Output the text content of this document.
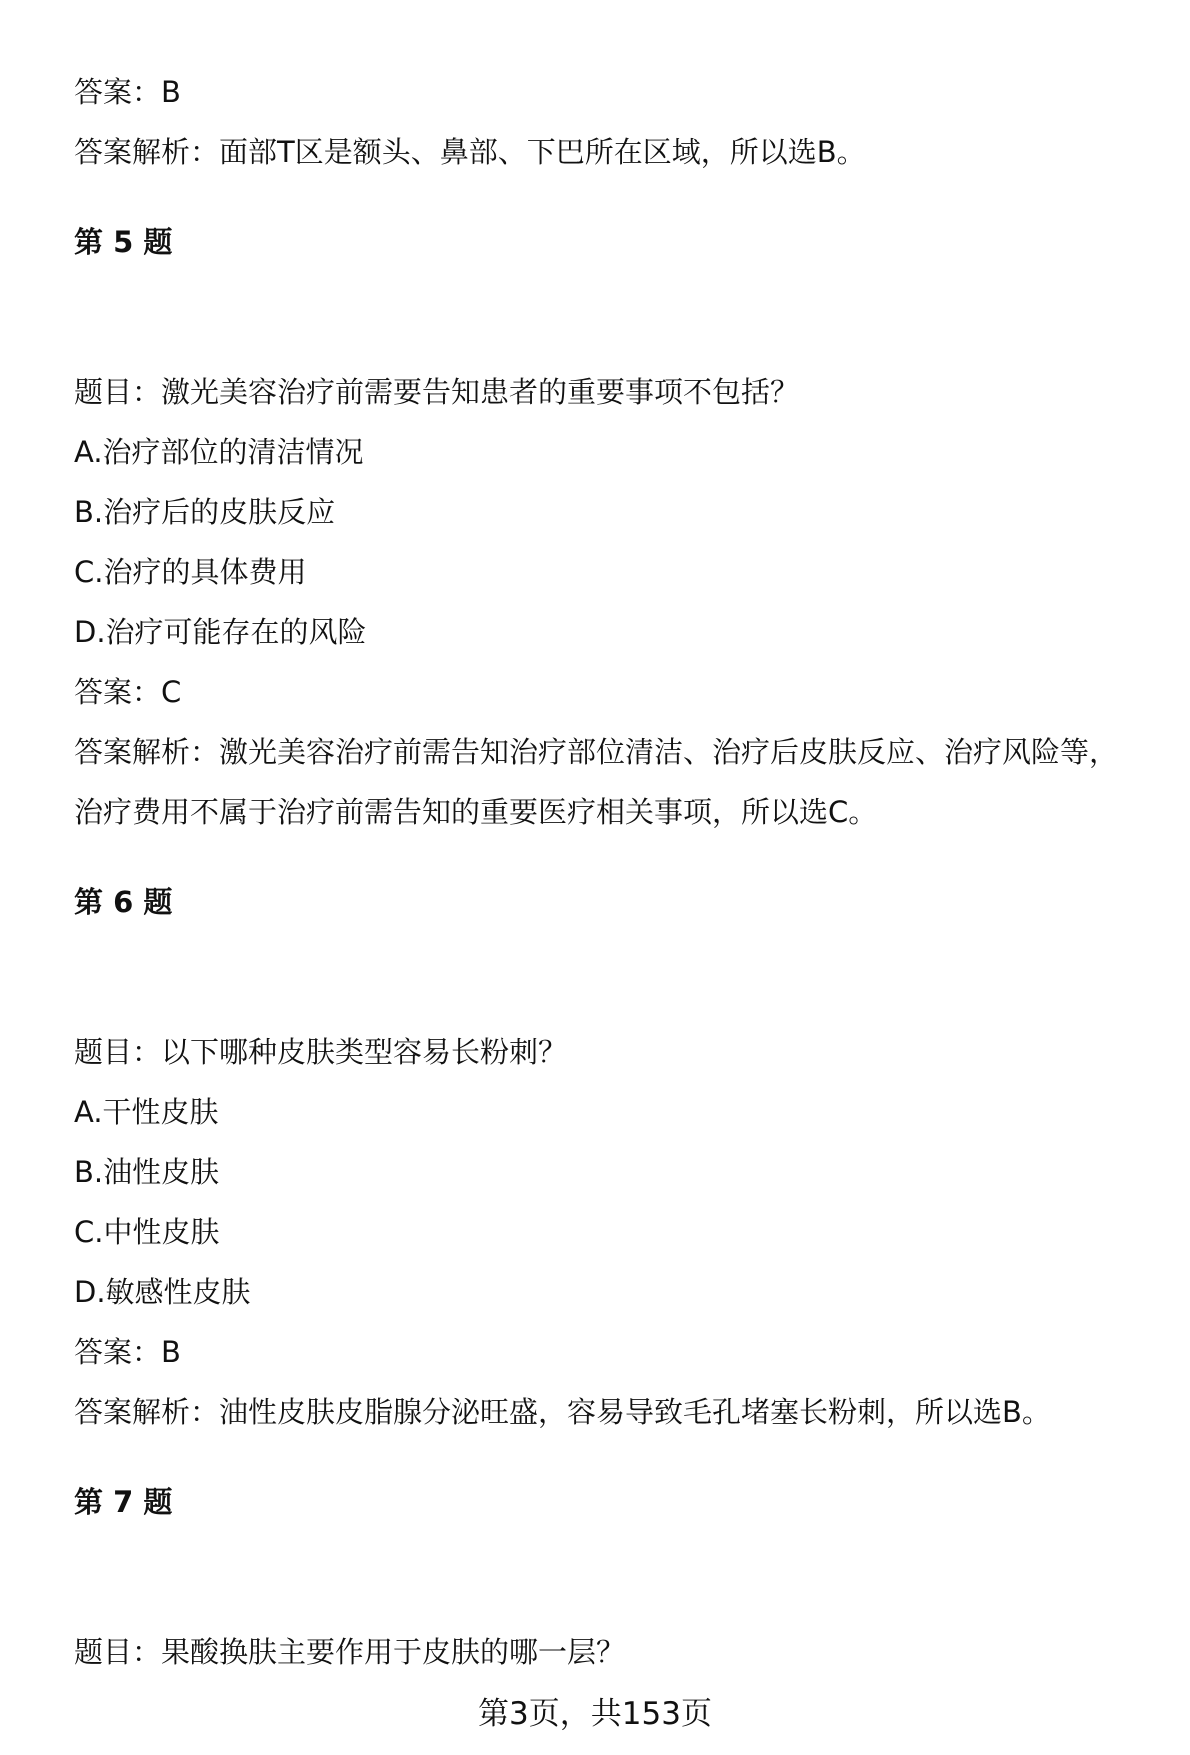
答案：B
答案解析：面部T区是额头、鼻部、下巴所在区域，所以选B。
第 5 题
题目：激光美容治疗前需要告知患者的重要事项不包括？
A.治疗部位的清洁情况
B.治疗后的皮肤反应
C.治疗的具体费用
D.治疗可能存在的风险
答案：C
答案解析：激光美容治疗前需告知治疗部位清洁、治疗后皮肤反应、治疗风险等，
治疗费用不属于治疗前需告知的重要医疗相关事项，所以选C。
第 6 题
题目：以下哪种皮肤类型容易长粉刺？
A.干性皮肤
B.油性皮肤
C.中性皮肤
D.敏感性皮肤
答案：B
答案解析：油性皮肤皮脂腺分泌旺盛，容易导致毛孔堵塞长粉刺，所以选B。
第 7 题
题目：果酸换肤主要作用于皮肤的哪一层？
第3页，共153页
